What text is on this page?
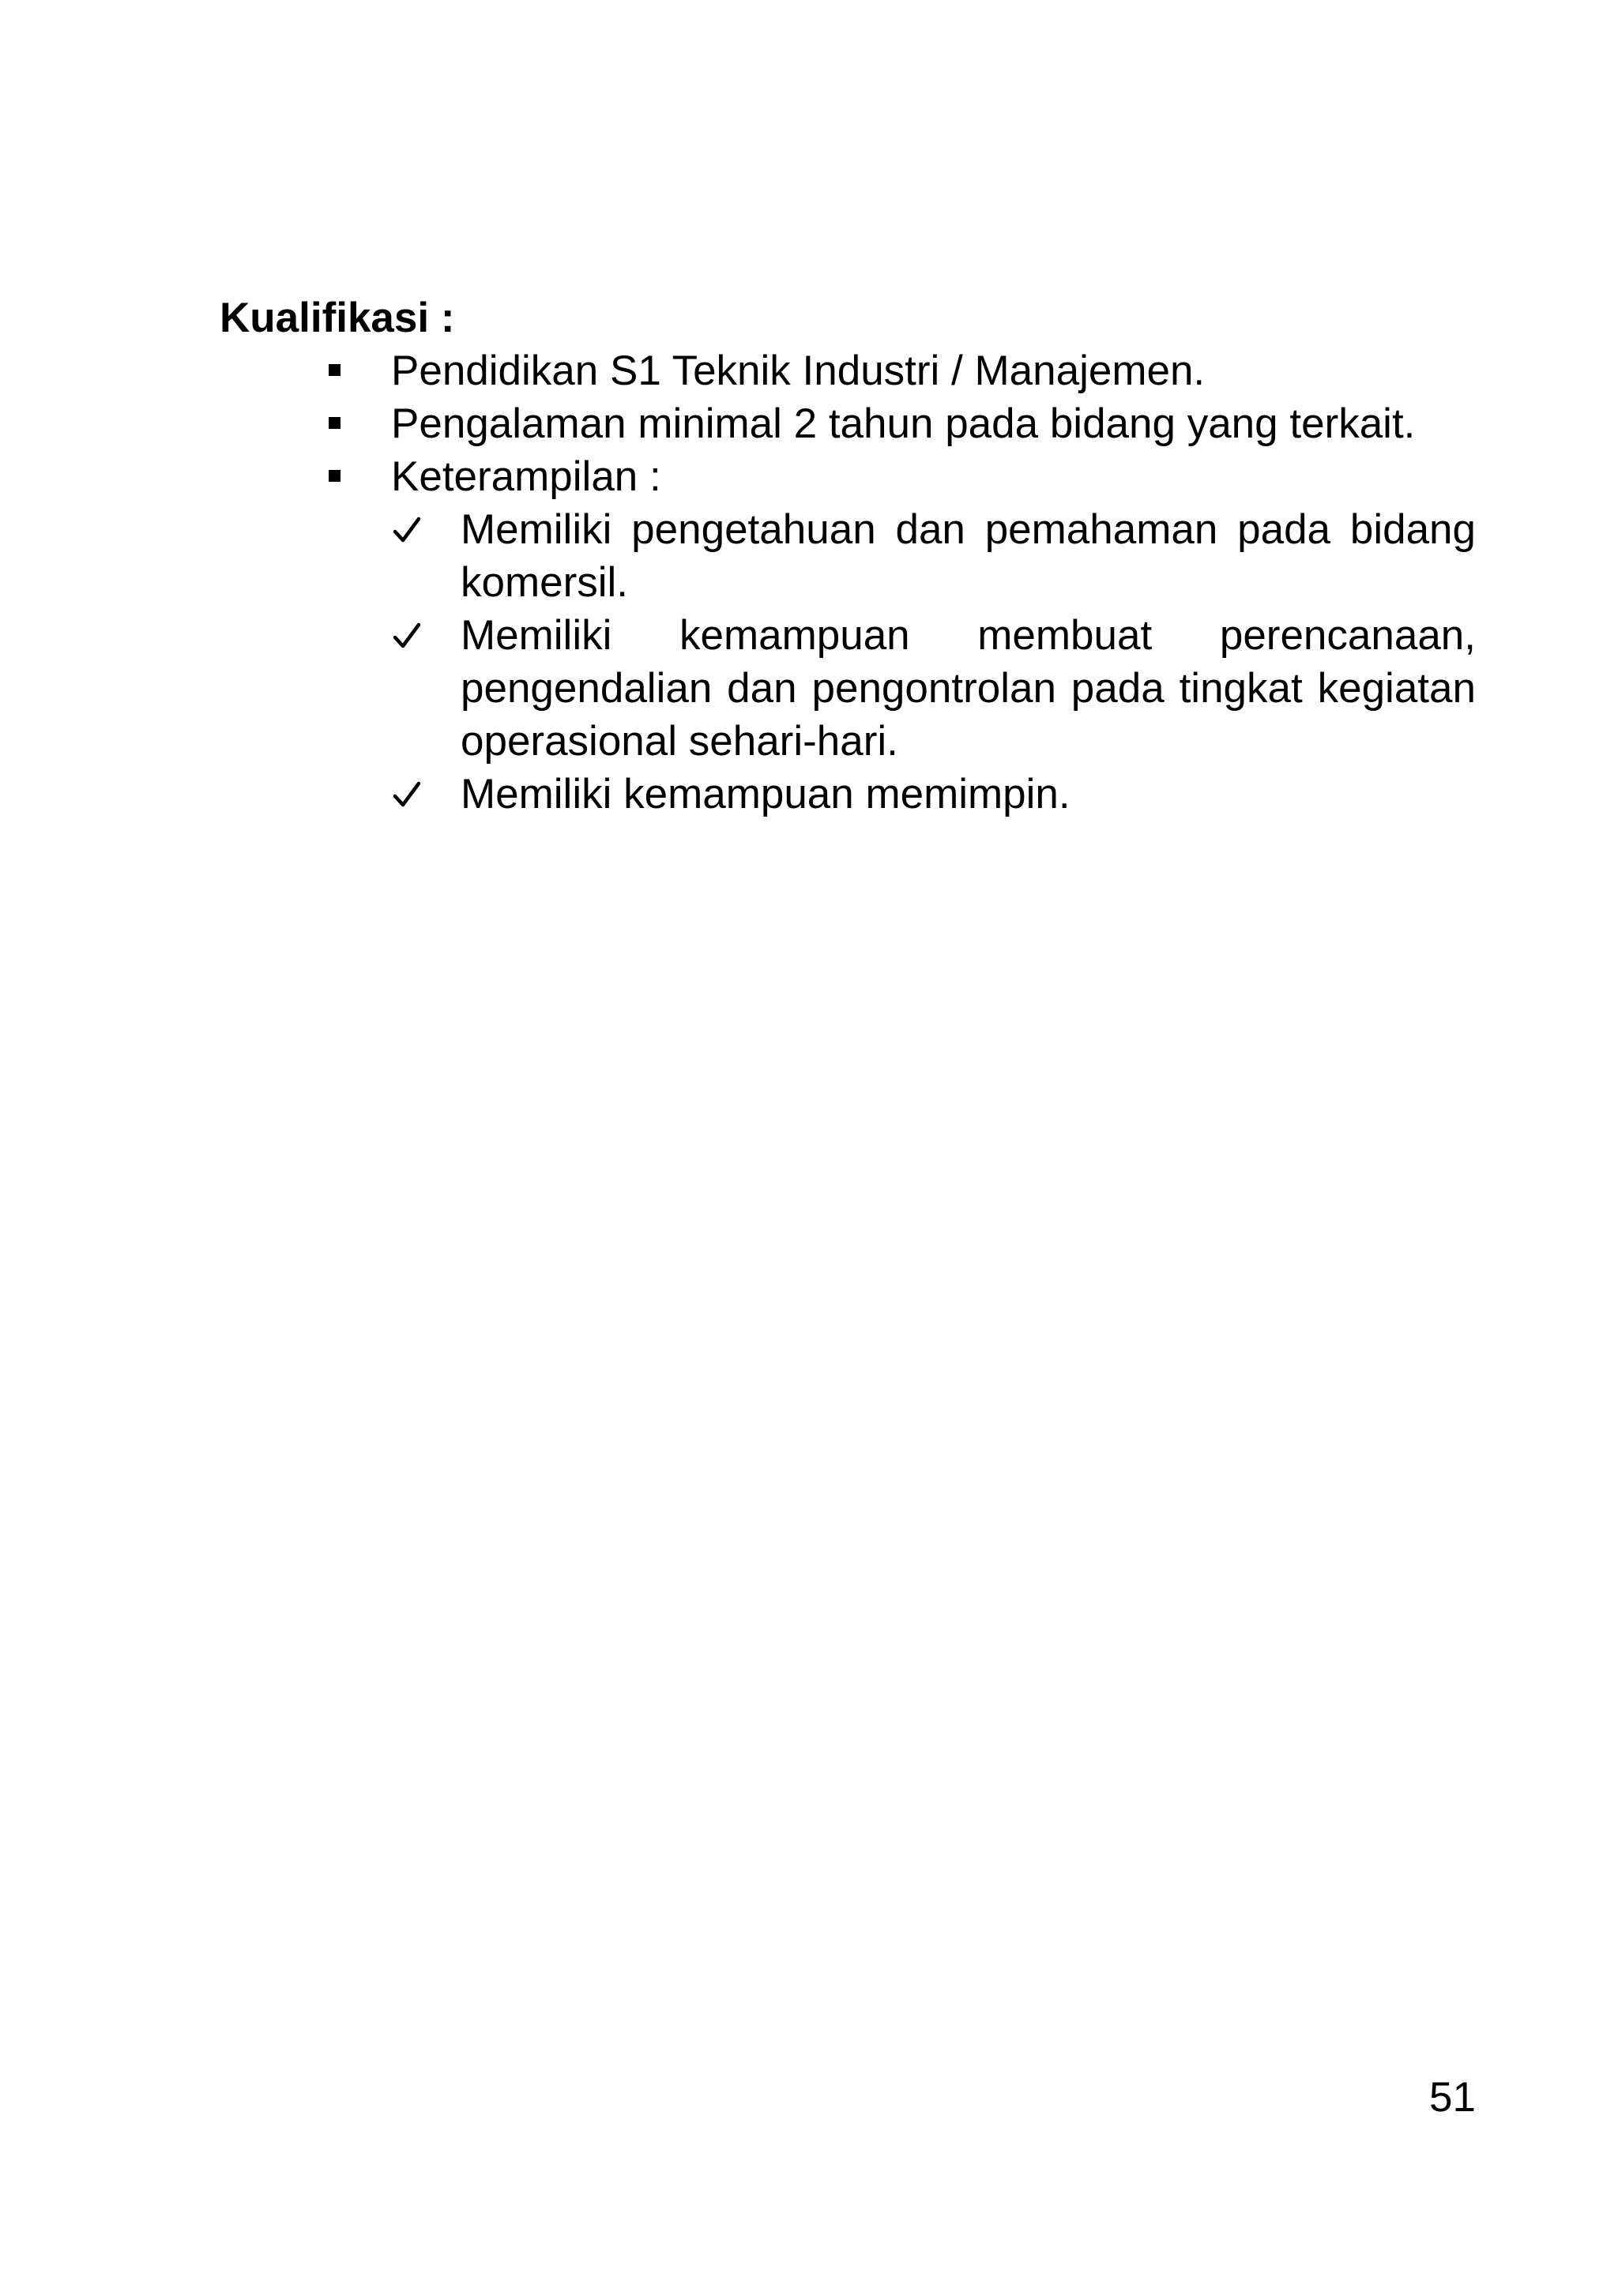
Kualifikasi :
Pendidikan S1 Teknik Industri / Manajemen.
Pengalaman minimal 2 tahun pada bidang yang terkait.
Keterampilan :
Memiliki pengetahuan dan pemahaman pada bidang komersil.
Memiliki kemampuan membuat perencanaan, pengendalian dan pengontrolan pada tingkat kegiatan operasional sehari-hari.
Memiliki kemampuan memimpin.
51
